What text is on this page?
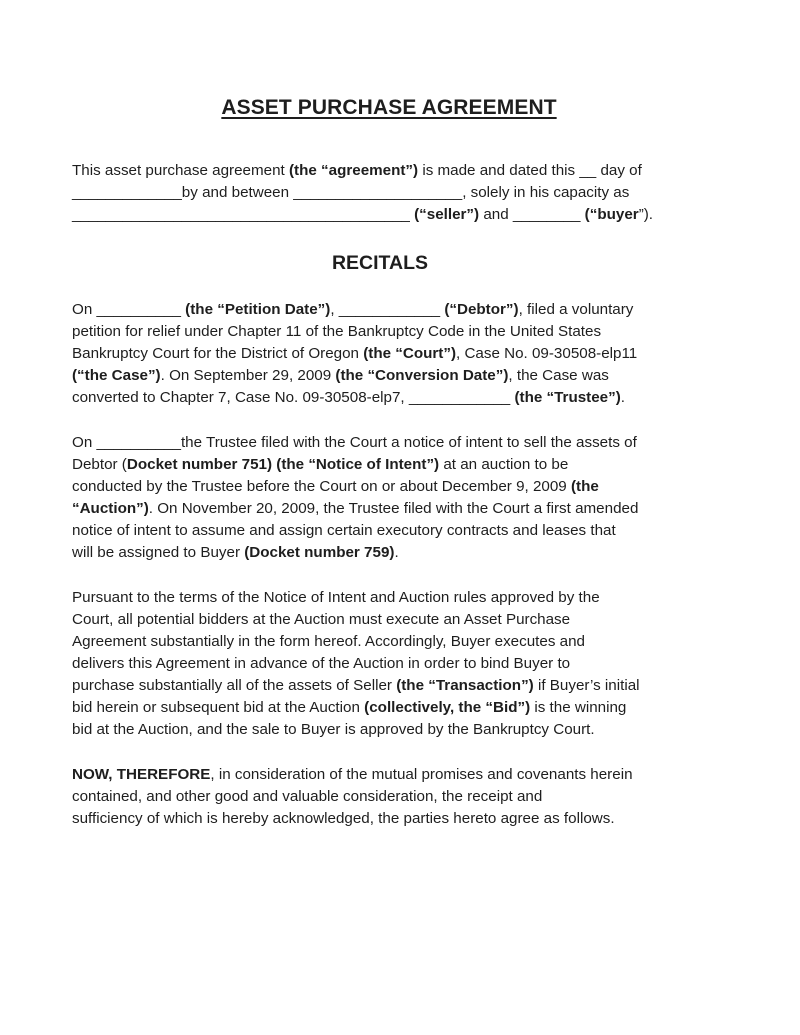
ASSET PURCHASE AGREEMENT
This asset purchase agreement (the “agreement”) is made and dated this __ day of
_____________by and between ____________________, solely in his capacity as
________________________________________ (“seller”) and ________ (“buyer”).
RECITALS
On __________ (the “Petition Date”), ____________ (“Debtor”), filed a voluntary
petition for relief under Chapter 11 of the Bankruptcy Code in the United States
Bankruptcy Court for the District of Oregon (the “Court”), Case No. 09-30508-elp11
(“the Case”). On September 29, 2009 (the “Conversion Date”), the Case was
converted to Chapter 7, Case No. 09-30508-elp7, ____________ (the “Trustee”).
On __________the Trustee filed with the Court a notice of intent to sell the assets of
Debtor (Docket number 751) (the “Notice of Intent”) at an auction to be
conducted by the Trustee before the Court on or about December 9, 2009 (the
“Auction”). On November 20, 2009, the Trustee filed with the Court a first amended
notice of intent to assume and assign certain executory contracts and leases that
will be assigned to Buyer (Docket number 759).
Pursuant to the terms of the Notice of Intent and Auction rules approved by the
Court, all potential bidders at the Auction must execute an Asset Purchase
Agreement substantially in the form hereof. Accordingly, Buyer executes and
delivers this Agreement in advance of the Auction in order to bind Buyer to
purchase substantially all of the assets of Seller (the “Transaction”) if Buyer’s initial
bid herein or subsequent bid at the Auction (collectively, the “Bid”) is the winning
bid at the Auction, and the sale to Buyer is approved by the Bankruptcy Court.
NOW, THEREFORE, in consideration of the mutual promises and covenants herein
contained, and other good and valuable consideration, the receipt and
sufficiency of which is hereby acknowledged, the parties hereto agree as follows.
